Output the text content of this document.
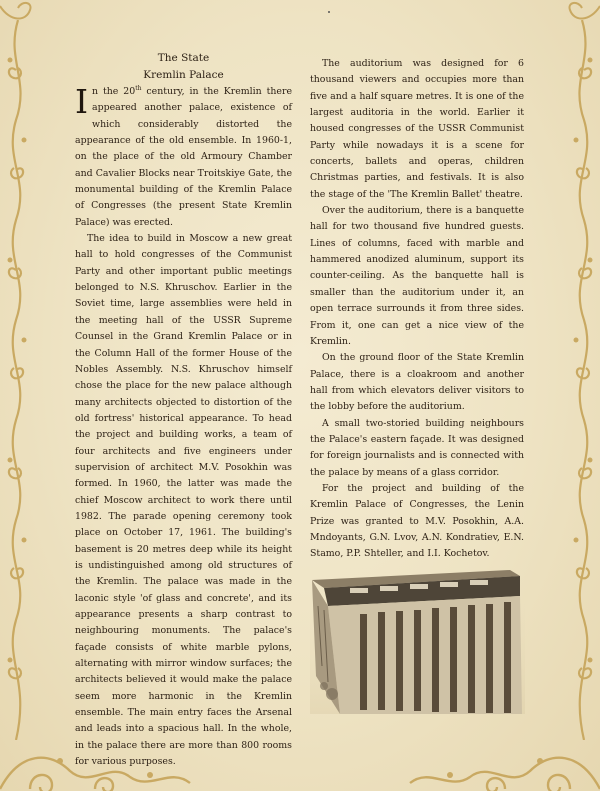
The State
Kremlin Palace

In the 20th century, in the Kremlin there appeared another palace, existence of which considerably distorted the appearance of the old ensemble. In 1960-1, on the place of the old Armoury Chamber and Cavalier Blocks near Troitskiye Gate, the monumental building of the Kremlin Palace of Congresses (the present State Kremlin Palace) was erected.

The idea to build in Moscow a new great hall to hold congresses of the Communist Party and other important public meetings belonged to N.S. Khruschov. Earlier in the Soviet time, large assemblies were held in the meeting hall of the USSR Supreme Counsel in the Grand Kremlin Palace or in the Column Hall of the former House of the Nobles Assembly. N.S. Khruschov himself chose the place for the new palace although many architects objected to distortion of the old fortress' historical appearance. To head the project and building works, a team of four architects and five engineers under supervision of architect M.V. Posokhin was formed. In 1960, the latter was made the chief Moscow architect to work there until 1982. The parade opening ceremony took place on October 17, 1961. The building's basement is 20 metres deep while its height is undistinguished among old structures of the Kremlin. The palace was made in the laconic style 'of glass and concrete', and its appearance presents a sharp contrast to neighbouring monuments. The palace's façade consists of white marble pylons, alternating with mirror window surfaces; the architects believed it would make the palace seem more harmonic in the Kremlin ensemble. The main entry faces the Arsenal and leads into a spacious hall. In the whole, in the palace there are more than 800 rooms for various purposes.

The auditorium was designed for 6 thousand viewers and occupies more than five and a half square metres. It is one of the largest auditoria in the world. Earlier it housed congresses of the USSR Communist Party while nowadays it is a scene for concerts, ballets and operas, children Christmas parties, and festivals. It is also the stage of the 'The Kremlin Ballet' theatre.

Over the auditorium, there is a banquette hall for two thousand five hundred guests. Lines of columns, faced with marble and hammered anodized aluminum, support its counter-ceiling. As the banquette hall is smaller than the auditorium under it, an open terrace surrounds it from three sides. From it, one can get a nice view of the Kremlin.

On the ground floor of the State Kremlin Palace, there is a cloakroom and another hall from which elevators deliver visitors to the lobby before the auditorium.

A small two-storied building neighbours the Palace's eastern façade. It was designed for foreign journalists and is connected with the palace by means of a glass corridor.

For the project and building of the Kremlin Palace of Congresses, the Lenin Prize was granted to M.V. Posokhin, A.A. Mndoyants, G.N. Lvov, A.N. Kondratiev, E.N. Stamo, P.P. Shteller, and I.I. Kochetov.
